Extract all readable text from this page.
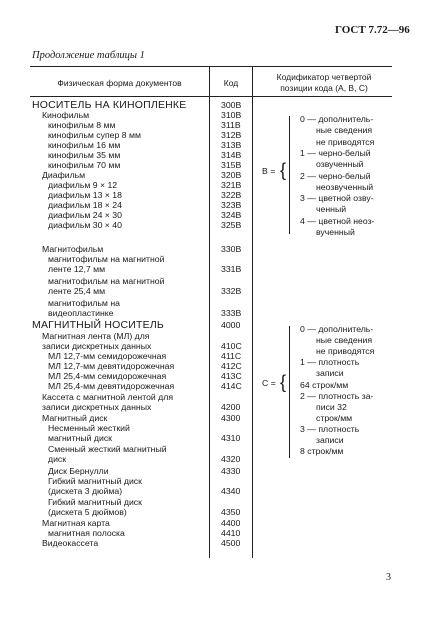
ГОСТ 7.72—96
Продолжение таблицы 1
Физическая форма документов	Код
Кодификатор четвертой
позиции кода (A, B, C)
НОСИТЕЛЬ НА КИНОПЛЕНКЕ	300B
Кинофильм	310B
кинофильм 8 мм	311B
кинофильм супер 8 мм	312B
кинофильм 16 мм	313B
кинофильм 35 мм	314B
кинофильм 70 мм	315B
Диафильм	320B
диафильм 9 × 12	321B
диафильм 13 × 18	322B
диафильм 18 × 24	323B
диафильм 24 × 30	324B
диафильм 30 × 40	325B
Магнитофильм	330B
магнитофильм на магнитной
ленте 12,7 мм	331B
магнитофильм на магнитной
ленте 25,4 мм	332B
магнитофильм на
видеопластинке	333B
МАГНИТНЫЙ НОСИТЕЛЬ	4000
Магнитная лента (МЛ) для
записи дискретных данных	410C
МЛ 12,7-мм семидорожечная	411C
МЛ 12,7-мм девятидорожечная	412C
МЛ 25,4-мм семидорожечная	413C
МЛ 25,4-мм девятидорожечная	414C
Кассета с магнитной лентой для
записи дискретных данных	4200
Магнитный диск	4300
Несменный жесткий
магнитный диск	4310
Сменный жесткий магнитный
диск	4320
Диск Бернулли	4330
Гибкий магнитный диск
(дискета 3 дюйма)	4340
Гибкий магнитный диск
(дискета 5 дюймов)	4350
Магнитная карта	4400
магнитная полоска	4410
Видеокассета	4500
B = {
0 — дополнитель-
ные сведения
не приводятся
1 — черно-белый
озвученный
2 — черно-белый
неозвученный
3 — цветной озву-
ченный
4 — цветной неоз-
вученный
C = {
0 — дополнитель-
ные сведения
не приводятся
1 — плотность
записи
64 строк/мм
2 — плотность за-
писи 32
строк/мм
3 — плотность
записи
8 строк/мм
3
